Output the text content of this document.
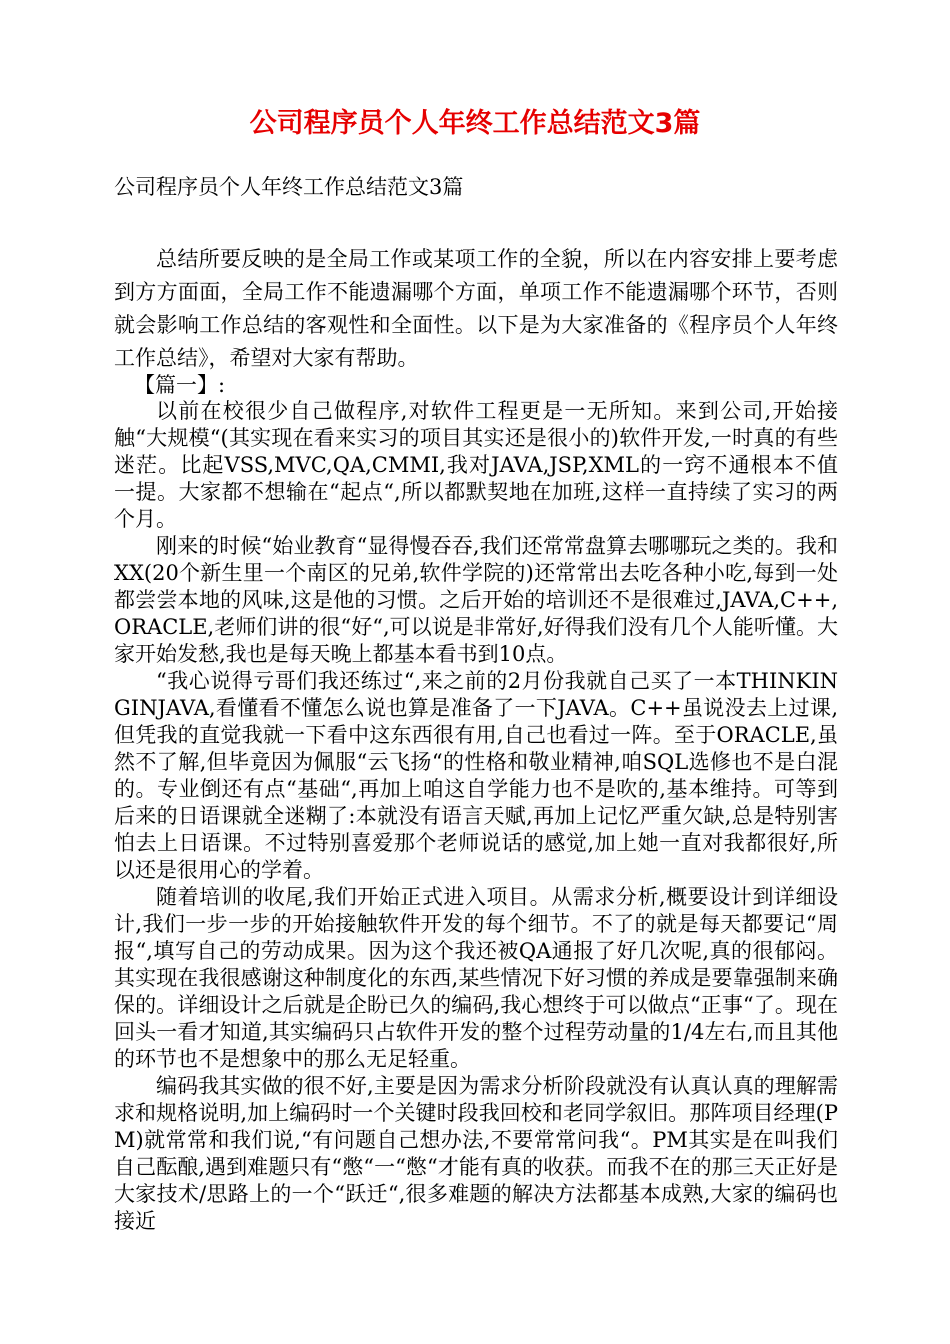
公司程序员个人年终工作总结范文3篇

公司程序员个人年终工作总结范文3篇

总结所要反映的是全局工作或某项工作的全貌，所以在内容安排上要考虑到方方面面，全局工作不能遗漏哪个方面，单项工作不能遗漏哪个环节，否则就会影响工作总结的客观性和全面性。以下是为大家准备的《程序员个人年终工作总结》，希望对大家有帮助。

【篇一】:

以前在校很少自己做程序,对软件工程更是一无所知。来到公司,开始接触“大规模“(其实现在看来实习的项目其实还是很小的)软件开发,一时真的有些迷茫。比起VSS,MVC,QA,CMMI,我对JAVA,JSP,XML的一窍不通根本不值一提。大家都不想输在“起点“,所以都默契地在加班,这样一直持续了实习的两个月。

刚来的时候“始业教育“显得慢吞吞,我们还常常盘算去哪哪玩之类的。我和XX(20个新生里一个南区的兄弟,软件学院的)还常常出去吃各种小吃,每到一处都尝尝本地的风味,这是他的习惯。之后开始的培训还不是很难过,JAVA,C++,ORACLE,老师们讲的很“好“,可以说是非常好,好得我们没有几个人能听懂。大家开始发愁,我也是每天晚上都基本看书到10点。

“我心说得亏哥们我还练过“,来之前的2月份我就自己买了一本THINKINGINJAVA,看懂看不懂怎么说也算是准备了一下JAVA。C++虽说没去上过课,但凭我的直觉我就一下看中这东西很有用,自己也看过一阵。至于ORACLE,虽然不了解,但毕竟因为佩服“云飞扬“的性格和敬业精神,咱SQL选修也不是白混的。专业倒还有点“基础“,再加上咱这自学能力也不是吹的,基本维持。可等到后来的日语课就全迷糊了:本就没有语言天赋,再加上记忆严重欠缺,总是特别害怕去上日语课。不过特别喜爱那个老师说话的感觉,加上她一直对我都很好,所以还是很用心的学着。

随着培训的收尾,我们开始正式进入项目。从需求分析,概要设计到详细设计,我们一步一步的开始接触软件开发的每个细节。不了的就是每天都要记“周报“,填写自己的劳动成果。因为这个我还被QA通报了好几次呢,真的很郁闷。其实现在我很感谢这种制度化的东西,某些情况下好习惯的养成是要靠强制来确保的。详细设计之后就是企盼已久的编码,我心想终于可以做点“正事“了。现在回头一看才知道,其实编码只占软件开发的整个过程劳动量的1/4左右,而且其他的环节也不是想象中的那么无足轻重。

编码我其实做的很不好,主要是因为需求分析阶段就没有认真认真的理解需求和规格说明,加上编码时一个关键时段我回校和老同学叙旧。那阵项目经理(PM)就常常和我们说,“有问题自己想办法,不要常常问我“。PM其实是在叫我们自己酝酿,遇到难题只有“憋“一“憋“才能有真的收获。而我不在的那三天正好是大家技术/思路上的一个“跃迁“,很多难题的解决方法都基本成熟,大家的编码也接近
